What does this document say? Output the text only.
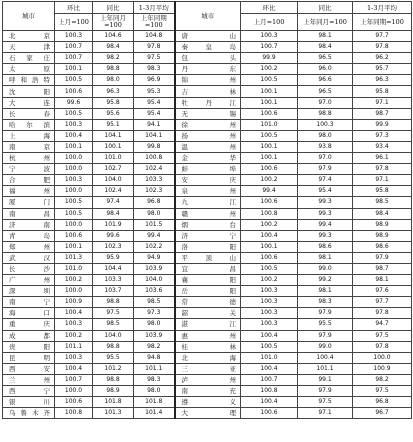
城市	环比	同比	1-3月平均	城市	环比	同比	1-3月平均
	上月=100	上年同月=100	上年同期=100		上月=100	上年同月=100	上年同期=100
北京	100.3	104.6	104.8	唐山	100.3	98.1	97.7
天津	100.7	98.4	97.8	秦皇岛	100.7	98.4	97.8
石家庄	100.7	98.2	97.5	包头	99.9	96.5	96.2
太原	100.1	98.8	98.3	丹东	100.2	96.0	95.7
呼和浩特	100.5	98.0	96.9	锦州	100.5	96.6	96.3
沈阳	100.6	96.3	95.3	吉林	100.1	96.5	95.8
大连	99.6	95.8	95.4	牡丹江	100.1	97.0	97.1
长春	100.5	95.6	95.4	无锡	100.6	98.8	98.7
哈尔滨	100.3	95.1	94.1	徐州	101.0	100.3	99.9
上海	100.4	104.1	104.1	扬州	100.5	98.0	97.3
南京	100.1	100.1	99.8	温州	100.1	93.8	93.4
杭州	100.0	101.0	100.8	金华	100.1	97.0	96.1
宁波	100.0	102.7	102.4	蚌埠	100.6	97.9	97.8
合肥	100.3	104.0	103.3	安庆	100.2	97.4	97.1
福州	100.0	102.4	102.3	泉州	99.4	95.4	95.8
厦门	100.5	97.4	96.8	九江	100.6	99.3	98.5
南昌	100.5	98.4	98.0	赣州	100.8	99.3	98.4
济南	100.0	101.9	101.5	烟台	100.2	99.4	98.9
青岛	100.6	99.6	99.4	济宁	100.4	99.3	98.9
郑州	100.1	102.3	102.2	洛阳	100.1	98.6	98.6
武汉	101.3	95.9	94.9	平顶山	100.6	98.1	97.9
长沙	101.0	104.4	103.9	宜昌	100.5	99.0	98.7
广州	100.2	103.3	104.0	襄阳	100.2	99.2	98.1
深圳	100.0	103.7	103.6	岳阳	100.3	98.1	97.6
南宁	100.9	98.8	98.5	常德	100.3	98.3	97.7
海口	100.4	97.5	97.3	韶关	100.3	97.9	97.8
重庆	100.3	98.5	98.0	湛江	100.3	95.5	94.7
成都	100.2	104.0	103.9	惠州	100.4	97.9	97.5
贵阳	101.1	98.8	98.2	桂林	100.5	99.0	97.8
昆明	100.3	95.5	94.8	北海	101.0	100.4	100.0
西安	100.4	101.2	101.1	三亚	100.4	101.1	100.9
兰州	100.7	98.8	98.3	泸州	100.7	99.1	98.2
西宁	100.0	98.9	98.0	南充	100.8	97.9	97.5
银川	100.6	101.8	101.8	遵义	100.4	97.5	96.8
乌鲁木齐	100.8	101.3	101.4	大理	100.6	97.1	96.7
